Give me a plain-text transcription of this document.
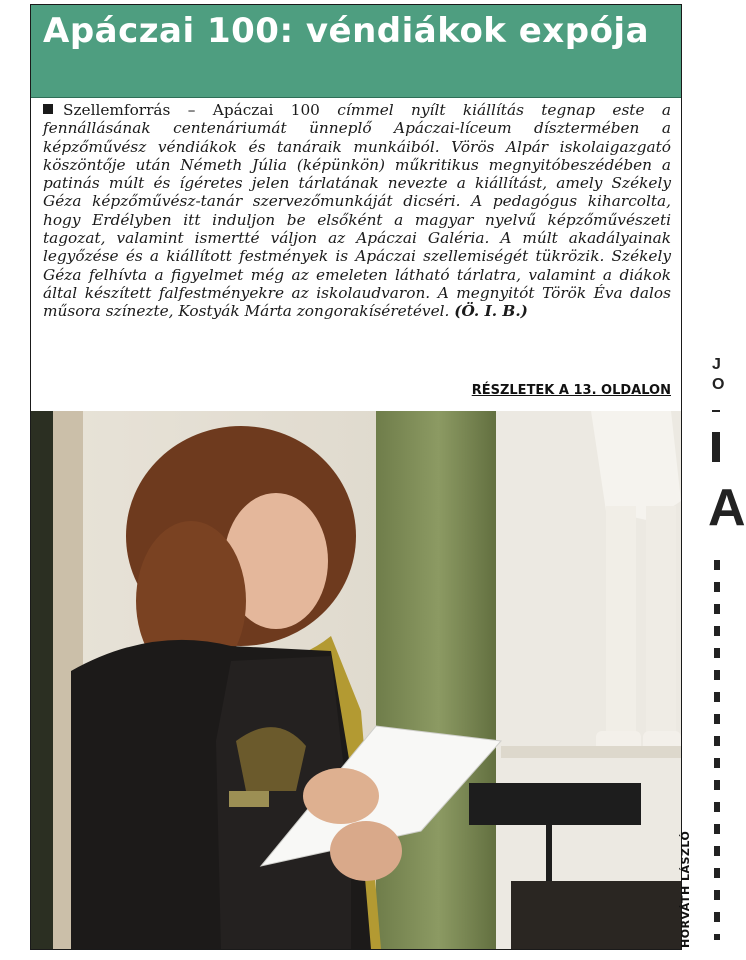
Apáczai 100: véndiákok expója
Szellemforrás – Apáczai 100 címmel nyílt kiállítás tegnap este a fennállásának centenáriumát ünneplő Apáczai-líceum dísztermében a képzőművész véndiákok és tanáraik munkáiból. Vörös Alpár iskolaigazgató köszöntője után Németh Júlia (képünkön) műkritikus megnyitóbeszédében a patinás múlt és ígéretes jelen tárlatának nevezte a kiállítást, amely Székely Géza képzőművész-tanár szervezőmunkáját dicséri. A pedagógus kiharcolta, hogy Erdélyben itt induljon be elsőként a magyar nyelvű képzőművészeti tagozat, valamint ismertté váljon az Apáczai Galéria. A múlt akadályainak legyőzése és a kiállított festmények is Apáczai szellemiségét tükrözik. Székely Géza felhívta a figyelmet még az emeleten látható tárlatra, valamint a diákok által készített falfestményekre az iskolaudvaron. A megnyitót Török Éva dalos műsora színezte, Kostyák Márta zongorakíséretével. (Ö. I. B.)
RÉSZLETEK A 13. OLDALON
HORVÁTH LÁSZLÓ
J
O
A
